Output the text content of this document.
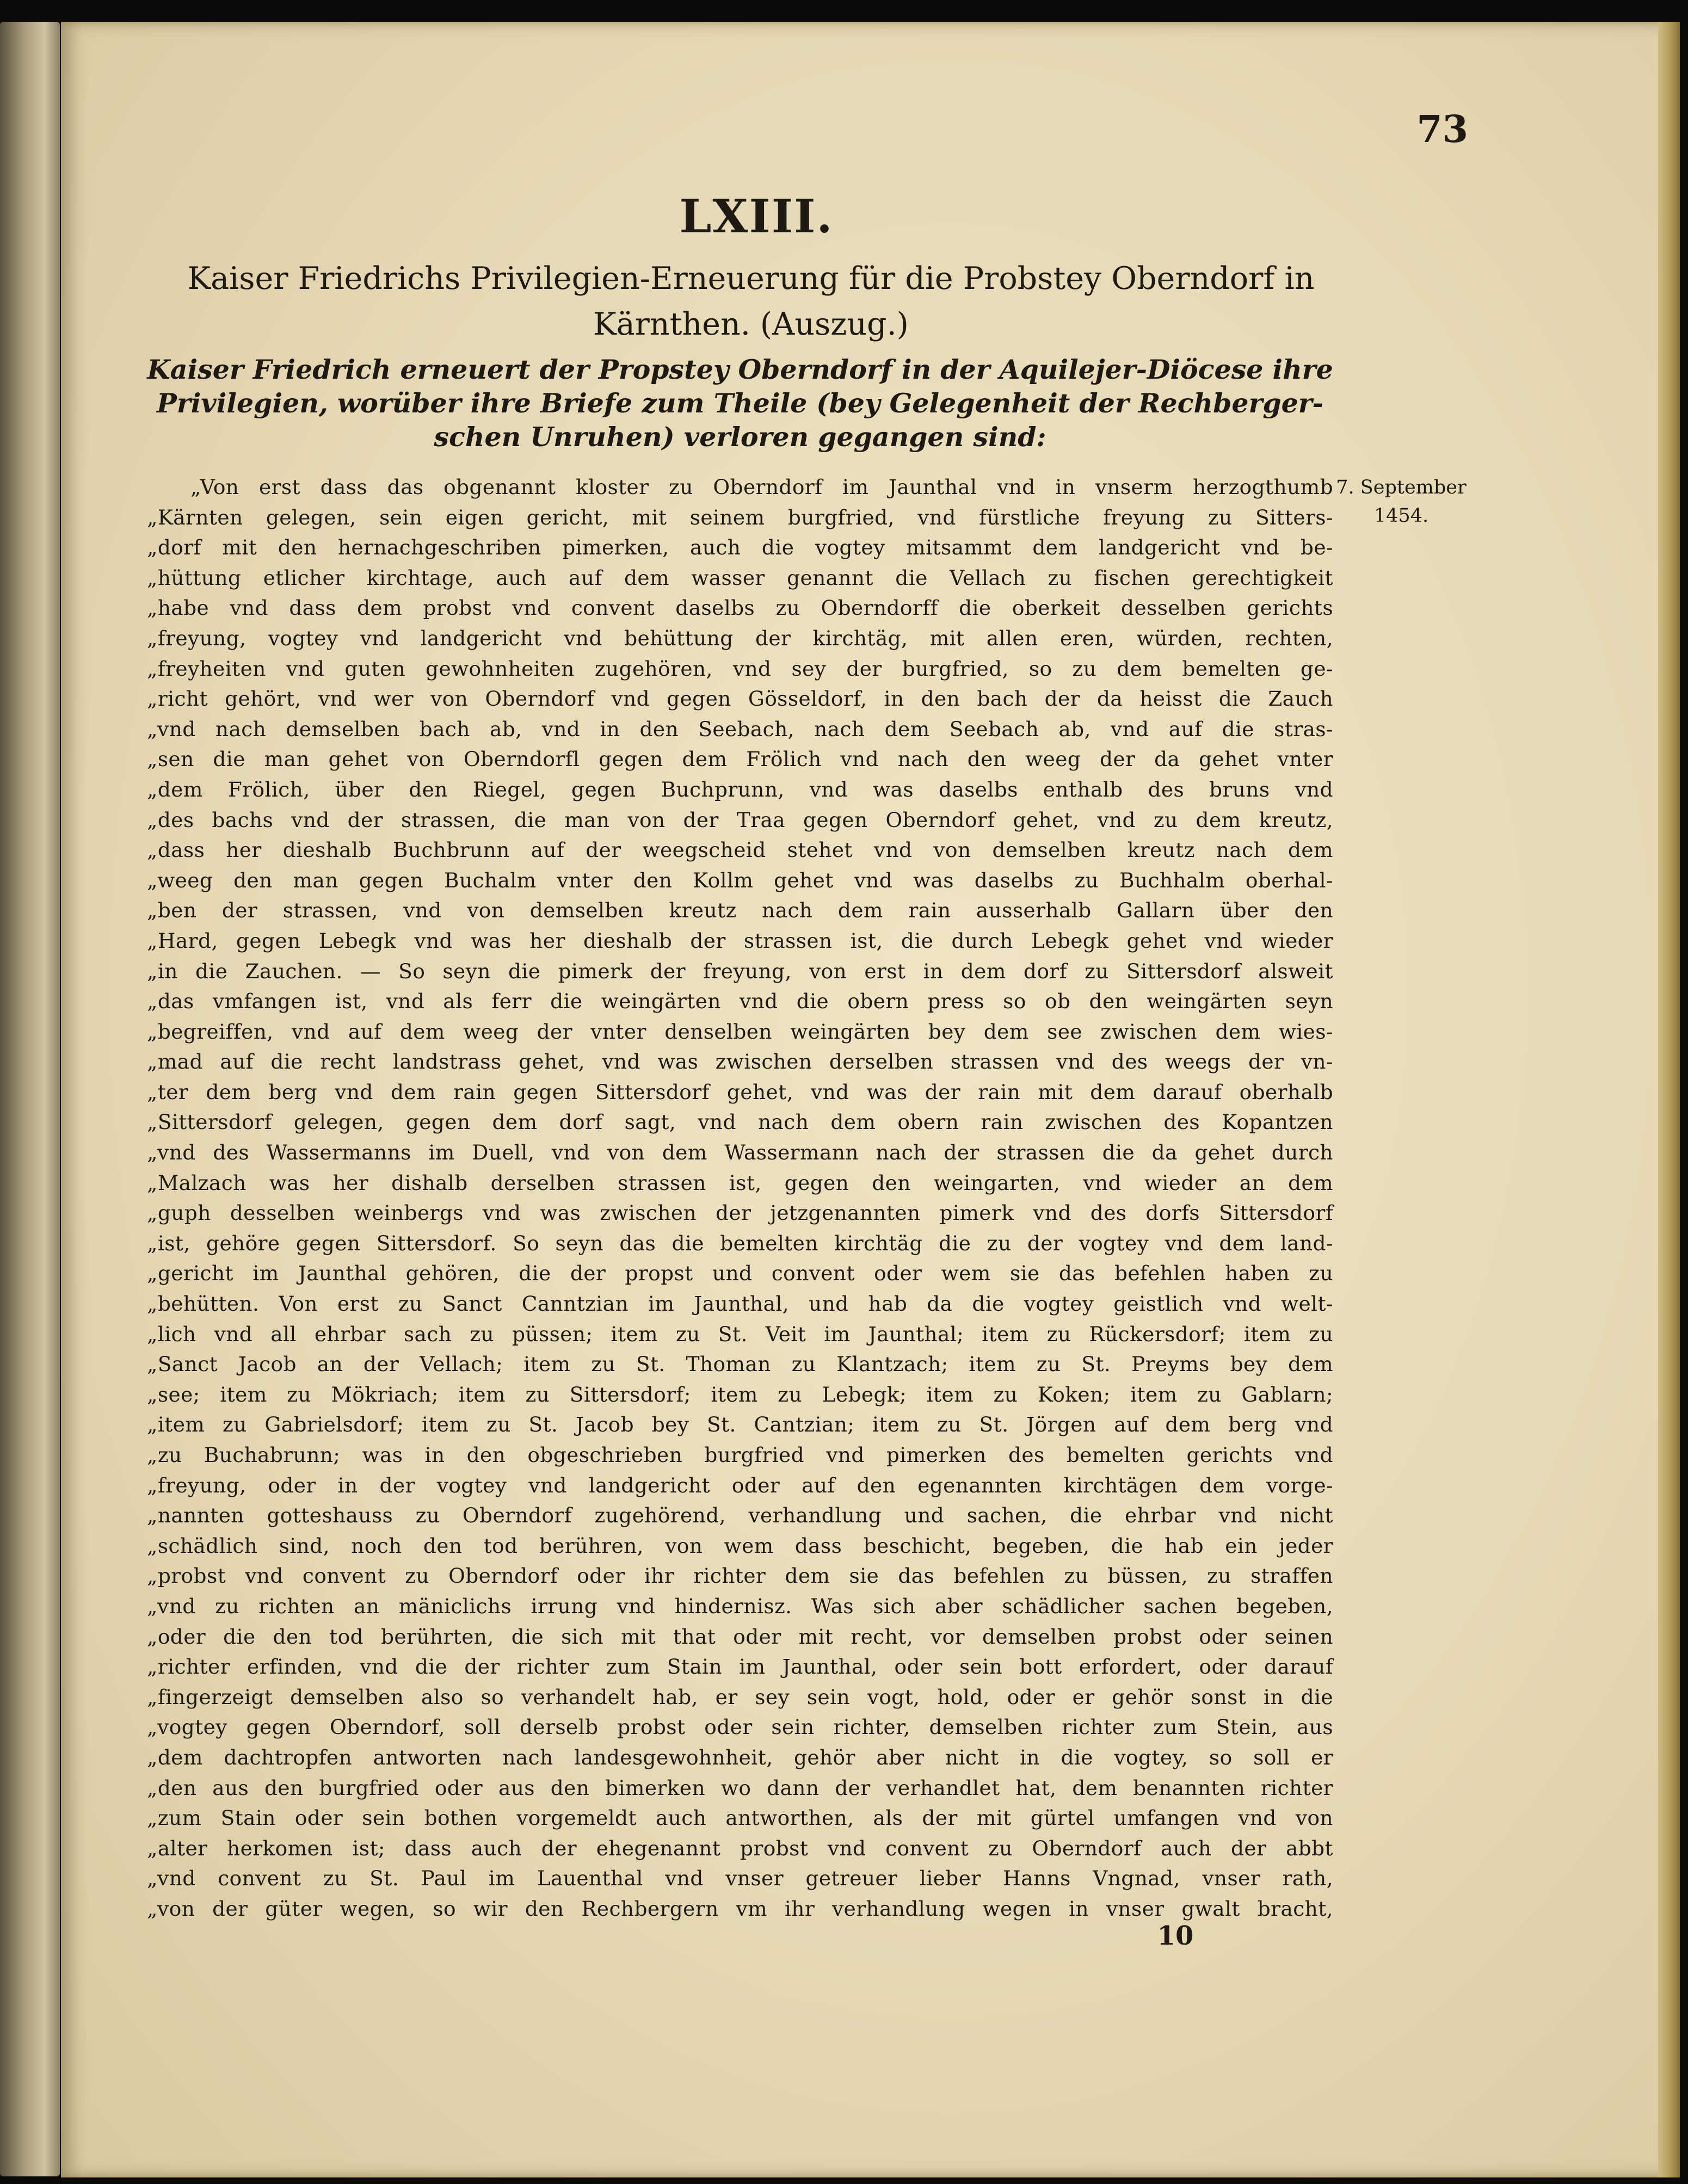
73
LXIII.
Kaiser Friedrichs Privilegien-Erneuerung für die Probstey Oberndorf in
Kärnthen. (Auszug.)
Kaiser Friedrich erneuert der Propstey Oberndorf in der Aquilejer-Diöcese ihre
Privilegien, worüber ihre Briefe zum Theile (bey Gelegenheit der Rechberger-
schen Unruhen) verloren gegangen sind:
7. September
1454.
„Von erst dass das obgenannt kloster zu Oberndorf im Jaunthal vnd in vnserm herzogthumb
„Kärnten gelegen, sein eigen gericht, mit seinem burgfried, vnd fürstliche freyung zu Sitters-
„dorf mit den hernachgeschriben pimerken, auch die vogtey mitsammt dem landgericht vnd be-
„hüttung etlicher kirchtage, auch auf dem wasser genannt die Vellach zu fischen gerechtigkeit
„habe vnd dass dem probst vnd convent daselbs zu Oberndorff die oberkeit desselben gerichts
„freyung, vogtey vnd landgericht vnd behüttung der kirchtäg, mit allen eren, würden, rechten,
„freyheiten vnd guten gewohnheiten zugehören, vnd sey der burgfried, so zu dem bemelten ge-
„richt gehört, vnd wer von Oberndorf vnd gegen Gösseldorf, in den bach der da heisst die Zauch
„vnd nach demselben bach ab, vnd in den Seebach, nach dem Seebach ab, vnd auf die stras-
„sen die man gehet von Oberndorfl gegen dem Frölich vnd nach den weeg der da gehet vnter
„dem Frölich, über den Riegel, gegen Buchprunn, vnd was daselbs enthalb des bruns vnd
„des bachs vnd der strassen, die man von der Traa gegen Oberndorf gehet, vnd zu dem kreutz,
„dass her dieshalb Buchbrunn auf der weegscheid stehet vnd von demselben kreutz nach dem
„weeg den man gegen Buchalm vnter den Kollm gehet vnd was daselbs zu Buchhalm oberhal-
„ben der strassen, vnd von demselben kreutz nach dem rain ausserhalb Gallarn über den
„Hard, gegen Lebegk vnd was her dieshalb der strassen ist, die durch Lebegk gehet vnd wieder
„in die Zauchen. — So seyn die pimerk der freyung, von erst in dem dorf zu Sittersdorf alsweit
„das vmfangen ist, vnd als ferr die weingärten vnd die obern press so ob den weingärten seyn
„begreiffen, vnd auf dem weeg der vnter denselben weingärten bey dem see zwischen dem wies-
„mad auf die recht landstrass gehet, vnd was zwischen derselben strassen vnd des weegs der vn-
„ter dem berg vnd dem rain gegen Sittersdorf gehet, vnd was der rain mit dem darauf oberhalb
„Sittersdorf gelegen, gegen dem dorf sagt, vnd nach dem obern rain zwischen des Kopantzen
„vnd des Wassermanns im Duell, vnd von dem Wassermann nach der strassen die da gehet durch
„Malzach was her dishalb derselben strassen ist, gegen den weingarten, vnd wieder an dem
„guph desselben weinbergs vnd was zwischen der jetzgenannten pimerk vnd des dorfs Sittersdorf
„ist, gehöre gegen Sittersdorf. So seyn das die bemelten kirchtäg die zu der vogtey vnd dem land-
„gericht im Jaunthal gehören, die der propst und convent oder wem sie das befehlen haben zu
„behütten. Von erst zu Sanct Canntzian im Jaunthal, und hab da die vogtey geistlich vnd welt-
„lich vnd all ehrbar sach zu püssen; item zu St. Veit im Jaunthal; item zu Rückersdorf; item zu
„Sanct Jacob an der Vellach; item zu St. Thoman zu Klantzach; item zu St. Preyms bey dem
„see; item zu Mökriach; item zu Sittersdorf; item zu Lebegk; item zu Koken; item zu Gablarn;
„item zu Gabrielsdorf; item zu St. Jacob bey St. Cantzian; item zu St. Jörgen auf dem berg vnd
„zu Buchabrunn; was in den obgeschrieben burgfried vnd pimerken des bemelten gerichts vnd
„freyung, oder in der vogtey vnd landgericht oder auf den egenannten kirchtägen dem vorge-
„nannten gotteshauss zu Oberndorf zugehörend, verhandlung und sachen, die ehrbar vnd nicht
„schädlich sind, noch den tod berühren, von wem dass beschicht, begeben, die hab ein jeder
„probst vnd convent zu Oberndorf oder ihr richter dem sie das befehlen zu büssen, zu straffen
„vnd zu richten an mäniclichs irrung vnd hindernisz. Was sich aber schädlicher sachen begeben,
„oder die den tod berührten, die sich mit that oder mit recht, vor demselben probst oder seinen
„richter erfinden, vnd die der richter zum Stain im Jaunthal, oder sein bott erfordert, oder darauf
„fingerzeigt demselben also so verhandelt hab, er sey sein vogt, hold, oder er gehör sonst in die
„vogtey gegen Oberndorf, soll derselb probst oder sein richter, demselben richter zum Stein, aus
„dem dachtropfen antworten nach landesgewohnheit, gehör aber nicht in die vogtey, so soll er
„den aus den burgfried oder aus den bimerken wo dann der verhandlet hat, dem benannten richter
„zum Stain oder sein bothen vorgemeldt auch antworthen, als der mit gürtel umfangen vnd von
„alter herkomen ist; dass auch der ehegenannt probst vnd convent zu Oberndorf auch der abbt
„vnd convent zu St. Paul im Lauenthal vnd vnser getreuer lieber Hanns Vngnad, vnser rath,
„von der güter wegen, so wir den Rechbergern vm ihr verhandlung wegen in vnser gwalt bracht,
10
